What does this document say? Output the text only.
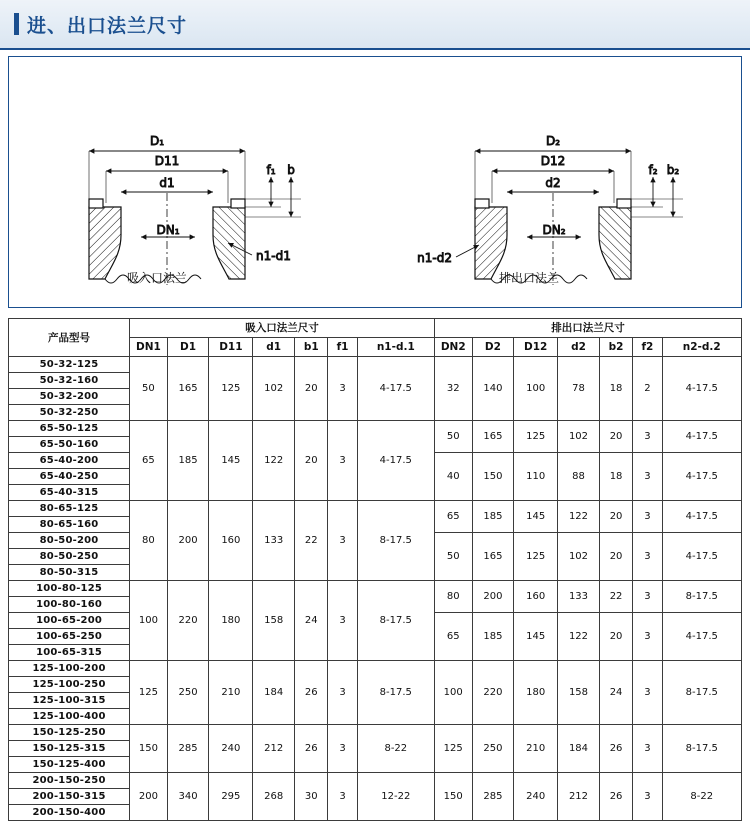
进、出口法兰尺寸
D₁
D11
d1
DN₁
f₁ b
n1-d1
D₂
D12
d2
DN₂
f₂ b₂
n1-d2
吸入口法兰	排出口法兰
产品型号	吸入口法兰尺寸							排出口法兰尺寸						
	DN1	D1	D11	d1	b1	f1	n1-d.1	DN2	D2	D12	d2	b2	f2	n2-d.2
50-32-125	50	165	125	102	20	3	4-17.5	32	140	100	78	18	2	4-17.5
50-32-160														
50-32-200														
50-32-250														
65-50-125	65	185	145	122	20	3	4-17.5	50	165	125	102	20	3	4-17.5
65-50-160														
65-40-200								40	150	110	88	18	3	4-17.5
65-40-250														
65-40-315														
80-65-125	80	200	160	133	22	3	8-17.5	65	185	145	122	20	3	4-17.5
80-65-160														
80-50-200								50	165	125	102	20	3	4-17.5
80-50-250														
80-50-315														
100-80-125	100	220	180	158	24	3	8-17.5	80	200	160	133	22	3	8-17.5
100-80-160														
100-65-200								65	185	145	122	20	3	4-17.5
100-65-250														
100-65-315														
125-100-200	125	250	210	184	26	3	8-17.5	100	220	180	158	24	3	8-17.5
125-100-250														
125-100-315														
125-100-400														
150-125-250	150	285	240	212	26	3	8-22	125	250	210	184	26	3	8-17.5
150-125-315														
150-125-400														
200-150-250	200	340	295	268	30	3	12-22	150	285	240	212	26	3	8-22
200-150-315														
200-150-400														
